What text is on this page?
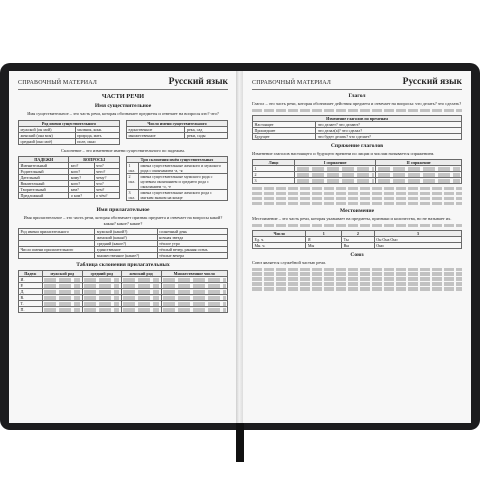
СПРАВОЧНЫЙ МАТЕРИАЛ	Русский язык
ЧАСТИ РЕЧИ
Имя существительное

Имя существительное – это часть речи, которая обозначает предметы и отвечает на вопросы кто? что?

Род имени существительного	
мужской (он мой)	мальчик, конь
женский (она моя)	природа, мать
средний (оно моё)	поле, окно
Число имени существительного	
единственное	река, сад
множественное	реки, сады

Склонение – это изменение имени существительного по падежам.

ПАДЕЖИ	ВОПРОСЫ	
Именительный	кто?	что?
Родительный	кого?	чего?
Дательный	кому?	чему?
Винительный	кого?	что?
Творительный	кем?	чем?
Предложный	о ком?	о чём?
Три склонения имён существительных	
1 скл.	имена существительные женского и мужского рода с окончанием -а, -я
2 скл.	имена существительные мужского рода с нулевым окончанием и среднего рода с окончанием -о, -е
3 скл.	имена существительные женского рода с мягким знаком на конце
Имя прилагательное

Имя прилагательное – это часть речи, которая обозначает признак предмета и отвечает на вопросы какой? какая? какое? какие?

Род имени прилагательного	мужской (какой?)	солнечный день
	женский (какая?)	ночная звезда
	средний (какое?)	тёплое утро
Число имени прилагательного	единственное	тёплый вечер, ранняя осень
	множественное (какие?)	тёплые вечера
Таблица склонения прилагательных
Падеж	мужской род	средний род	женский род	Множественное число
И.	

Р.	

Д.	

В.	

Т.	

П.	

СПРАВОЧНЫЙ МАТЕРИАЛ	Русский язык
Глагол

Глагол – это часть речи, которая обозначает действия предмета и отвечает на вопросы: что делать? что сделать?

Изменение глаголов по временам	
Настоящее	что делает? что делают?
Прошедшее	что делал(а)? что сделал?
Будущее	что будет делать? что сделает?
Спряжение глаголов

Изменение глаголов настоящего и будущего времени по лицам и числам называется спряжением.

Лицо	I спряжение	II спряжение
1	

2	

3	

Местоимение

Местоимение – это часть речи, которая указывает на предметы, признаки и количества, но не называет их.

Число	1	2	3
Ед. ч.	Я	Ты	Он Она Оно
Мн. ч.	Мы	Вы	Они
Союз

Союз является служебной частью речи.
